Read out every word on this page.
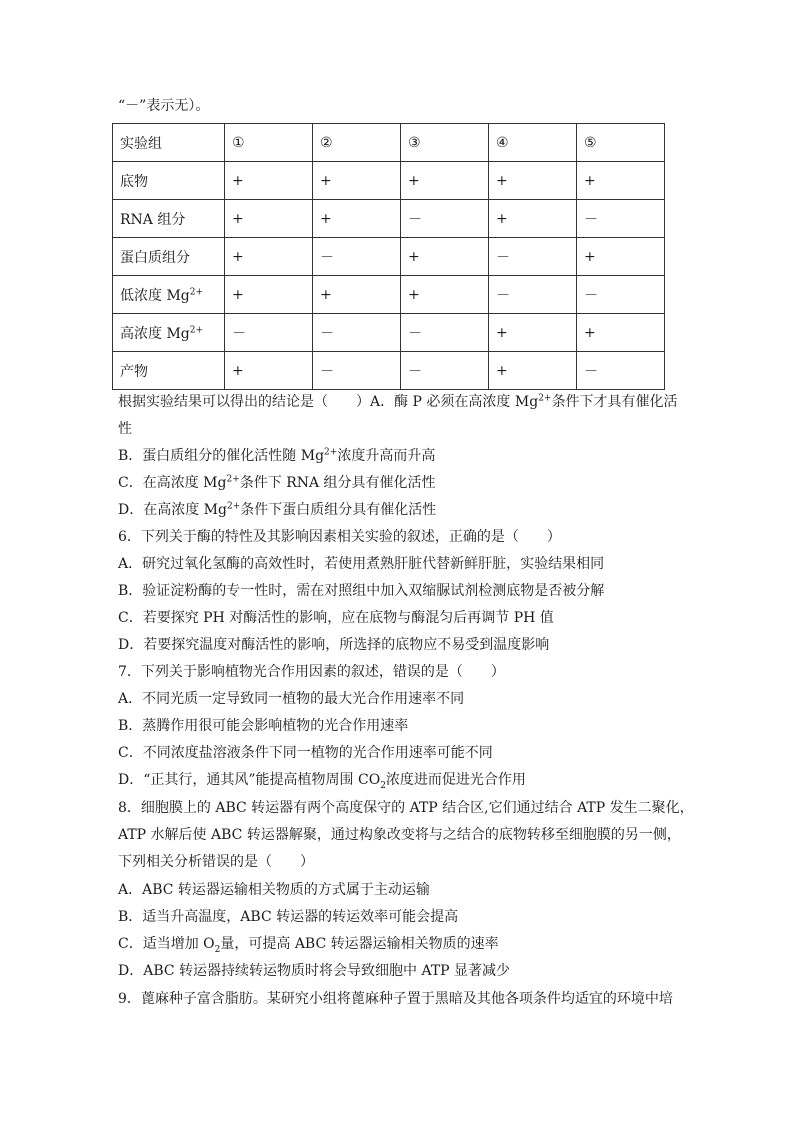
“－”表示无）。
实验组	①	②	③	④	⑤
底物	+	+	+	+	+
RNA 组分	+	+	－	+	－
蛋白质组分	+	－	+	－	+
低浓度 $Mg^{2+}$	+	+	+	－	－
高浓度 $Mg^{2+}$	－	－	－	+	+
产物	+	－	－	+	－
根据实验结果可以得出的结论是（　　）A．酶 P 必须在高浓度 $Mg^{2+}$条件下才具有催化活
性
B．蛋白质组分的催化活性随 $Mg^{2+}$浓度升高而升高
C．在高浓度 $Mg^{2+}$条件下 RNA 组分具有催化活性
D．在高浓度 $Mg^{2+}$条件下蛋白质组分具有催化活性
6．下列关于酶的特性及其影响因素相关实验的叙述，正确的是（　　）
A．研究过氧化氢酶的高效性时，若使用煮熟肝脏代替新鲜肝脏，实验结果相同
B．验证淀粉酶的专一性时，需在对照组中加入双缩脲试剂检测底物是否被分解
C．若要探究 PH 对酶活性的影响，应在底物与酶混匀后再调节 PH 值
D．若要探究温度对酶活性的影响，所选择的底物应不易受到温度影响
7．下列关于影响植物光合作用因素的叙述，错误的是（　　）
A．不同光质一定导致同一植物的最大光合作用速率不同
B．蒸腾作用很可能会影响植物的光合作用速率
C．不同浓度盐溶液条件下同一植物的光合作用速率可能不同
D．“正其行，通其风”能提高植物周围 $CO_2$浓度进而促进光合作用
8．细胞膜上的 ABC 转运器有两个高度保守的 ATP 结合区,它们通过结合 ATP 发生二聚化，
ATP 水解后使 ABC 转运器解聚，通过构象改变将与之结合的底物转移至细胞膜的另一侧，
下列相关分析错误的是（　　）
A．ABC 转运器运输相关物质的方式属于主动运输
B．适当升高温度，ABC 转运器的转运效率可能会提高
C．适当增加 $O_2$量，可提高 ABC 转运器运输相关物质的速率
D．ABC 转运器持续转运物质时将会导致细胞中 ATP 显著减少
9．蓖麻种子富含脂肪。某研究小组将蓖麻种子置于黑暗及其他各项条件均适宜的环境中培
